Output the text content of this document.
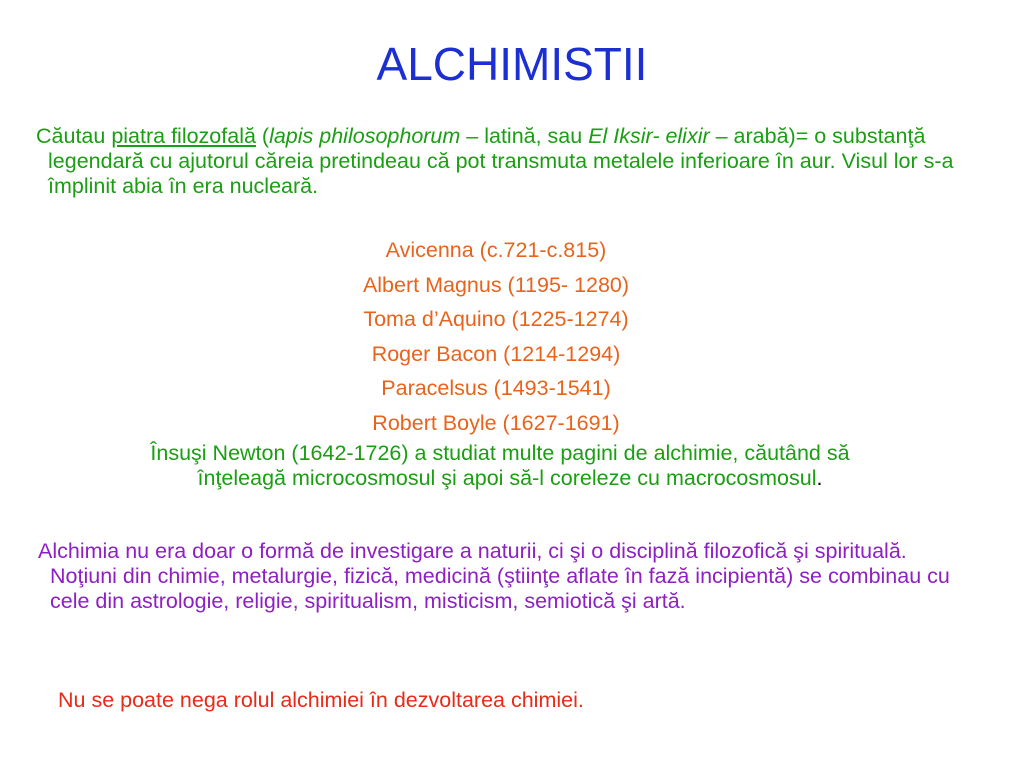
ALCHIMISTII

Căutau piatra filozofală (lapis philosophorum – latină, sau El Iksir- elixir – arabă)= o substanţă legendară cu ajutorul căreia pretindeau că pot transmuta metalele inferioare în aur. Visul lor s-a împlinit abia în era nucleară.

Avicenna (c.721-c.815)
Albert Magnus (1195- 1280)
Toma d’Aquino (1225-1274)
Roger Bacon (1214-1294)
Paracelsus (1493-1541)
Robert Boyle (1627-1691)

Însuşi Newton (1642-1726) a studiat multe pagini de alchimie, căutând să
înţeleagă microcosmosul şi apoi să-l coreleze cu macrocosmosul.

Alchimia nu era doar o formă de investigare a naturii, ci şi o disciplină filozofică şi spirituală. Noţiuni din chimie, metalurgie, fizică, medicină (ştiinţe aflate în fază incipientă) se combinau cu cele din astrologie, religie, spiritualism, misticism, semiotică şi artă.

Nu se poate nega rolul alchimiei în dezvoltarea chimiei.
